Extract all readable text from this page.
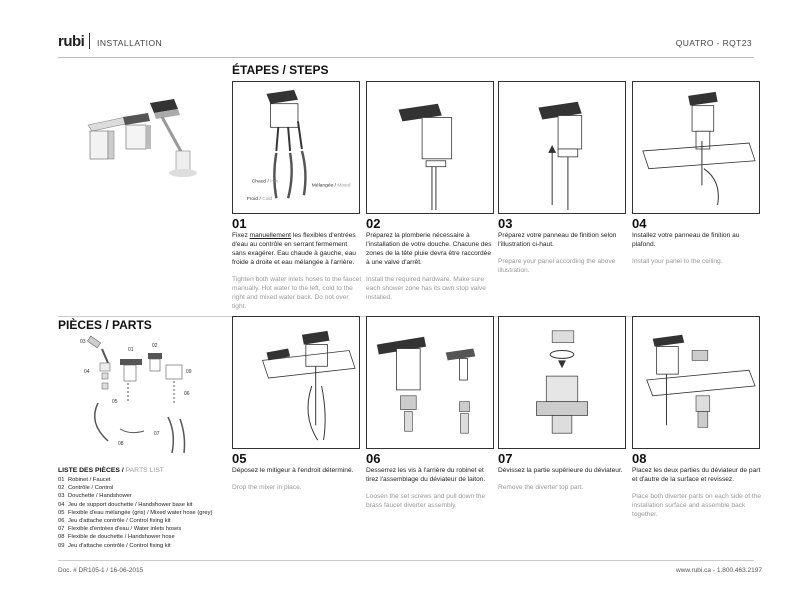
rubi INSTALLATION	QUATRO - RQT23
ÉTAPES / STEPS
Chaud / Hot
Mélangée / Mixed
Froid / Cold
01
Fixez manuellement les flexibles d'entrées d'eau au contrôle en serrant fermement sans exagérer. Eau chaude à gauche, eau froide à droite et eau mélangée à l'arrière.
Tighten both water inlets hoses to the faucet manually. Hot water to the left, cold to the right and mixed water back. Do not over tight.
02
Préparez la plomberie nécessaire à l'installation de votre douche. Chacune des zones de la tête pluie devra être raccordée à une valve d'arrêt.
Install the required hardware. Make sure each shower zone has its own stop valve installed.
03
Préparez votre panneau de finition selon l'illustration ci-haut.
Prepare your panel according the above illustration.
04
Installez votre panneau de finition au plafond.
Install your panel to the ceiling.
PIÈCES / PARTS
01
02
03
04
05
06
07
08
09
LISTE DES PIÈCES / PARTS LIST
01 Robinet / Faucet
02 Contrôle / Control
03 Douchette / Handshower
04 Jeu de support douchette / Handshower base kit
05 Flexible d'eau mélangée (gris) / Mixed water hose (grey)
06 Jeu d'attache contrôle / Control fixing kit
07 Flexible d'entrées d'eau / Water inlets hoses
08 Flexible de douchette / Handshower hose
09 Jeu d'attache contrôle / Control fixing kit
05
Déposez le mitigeur à l'endroit déterminé.
Drop the mixer in place.
06
Desserrez les vis à l'arrière du robinet et tirez l'assemblage du déviateur de laiton.
Loosen the set screws and pull down the brass faucet diverter assembly.
07
Dévissez la partie supérieure du déviateur.
Remove the diverter top part.
08
Placez les deux parties du déviateur de part et d'autre de la surface et revissez.
Place both diverter parts on each side of the installation surface and assemble back together.
Doc. # DR105-1 / 16-06-2015	www.rubi.ca - 1.800.463.2197
